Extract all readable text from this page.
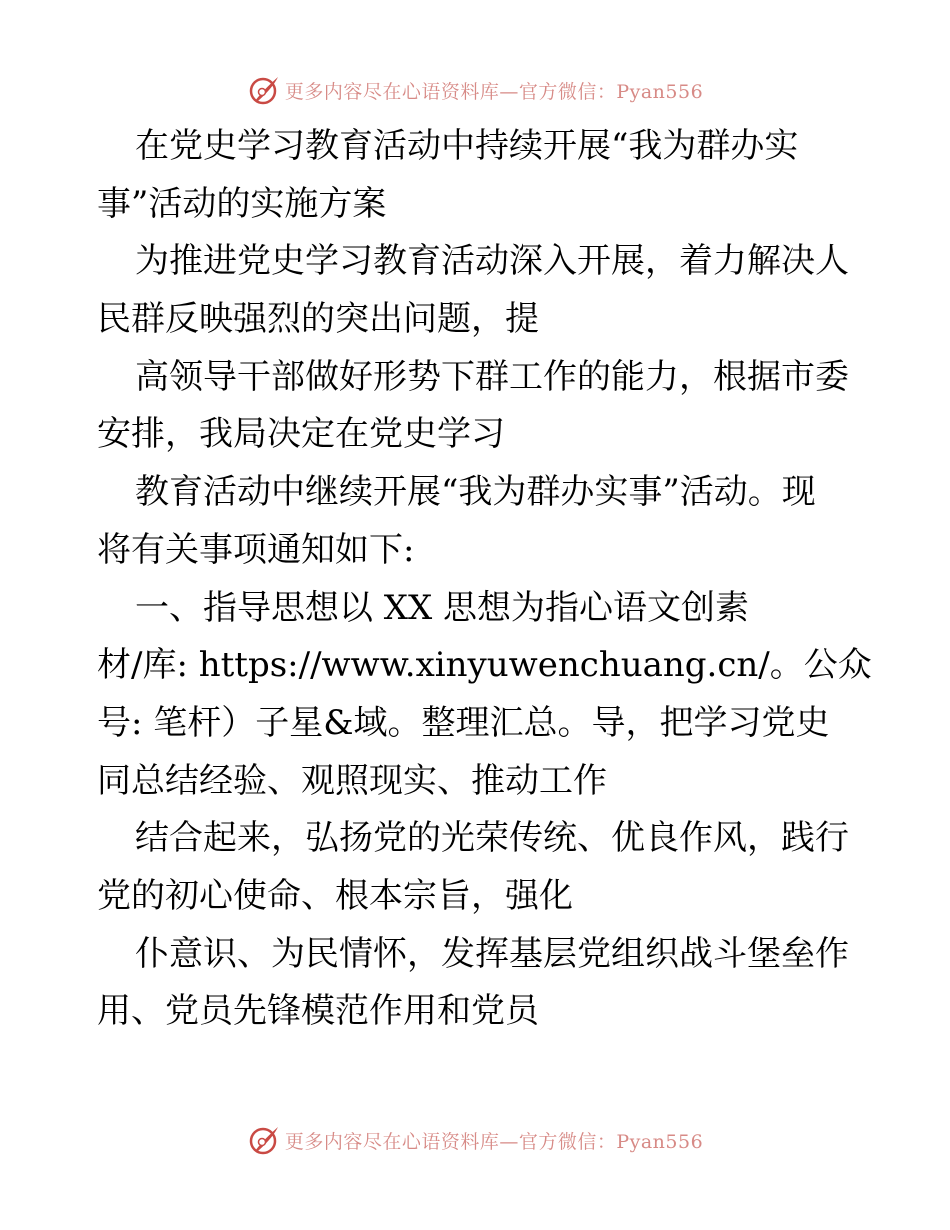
更多内容尽在心语资料库—官方微信：Pyan556
在党史学习教育活动中持续开展“我为群办实
事”活动的实施方案
为推进党史学习教育活动深入开展，着力解决人
民群反映强烈的突出问题，提
高领导干部做好形势下群工作的能力，根据市委
安排，我局决定在党史学习
教育活动中继续开展“我为群办实事”活动。现
将有关事项通知如下:
一、指导思想以 XX 思想为指心语文创素
材/库: https://www.xinyuwenchuang.cn/。公众
号: 笔杆）子星&域。整理汇总。导，把学习党史
同总结经验、观照现实、推动工作
结合起来，弘扬党的光荣传统、优良作风，践行
党的初心使命、根本宗旨，强化
仆意识、为民情怀，发挥基层党组织战斗堡垒作
用、党员先锋模范作用和党员
更多内容尽在心语资料库—官方微信：Pyan556
